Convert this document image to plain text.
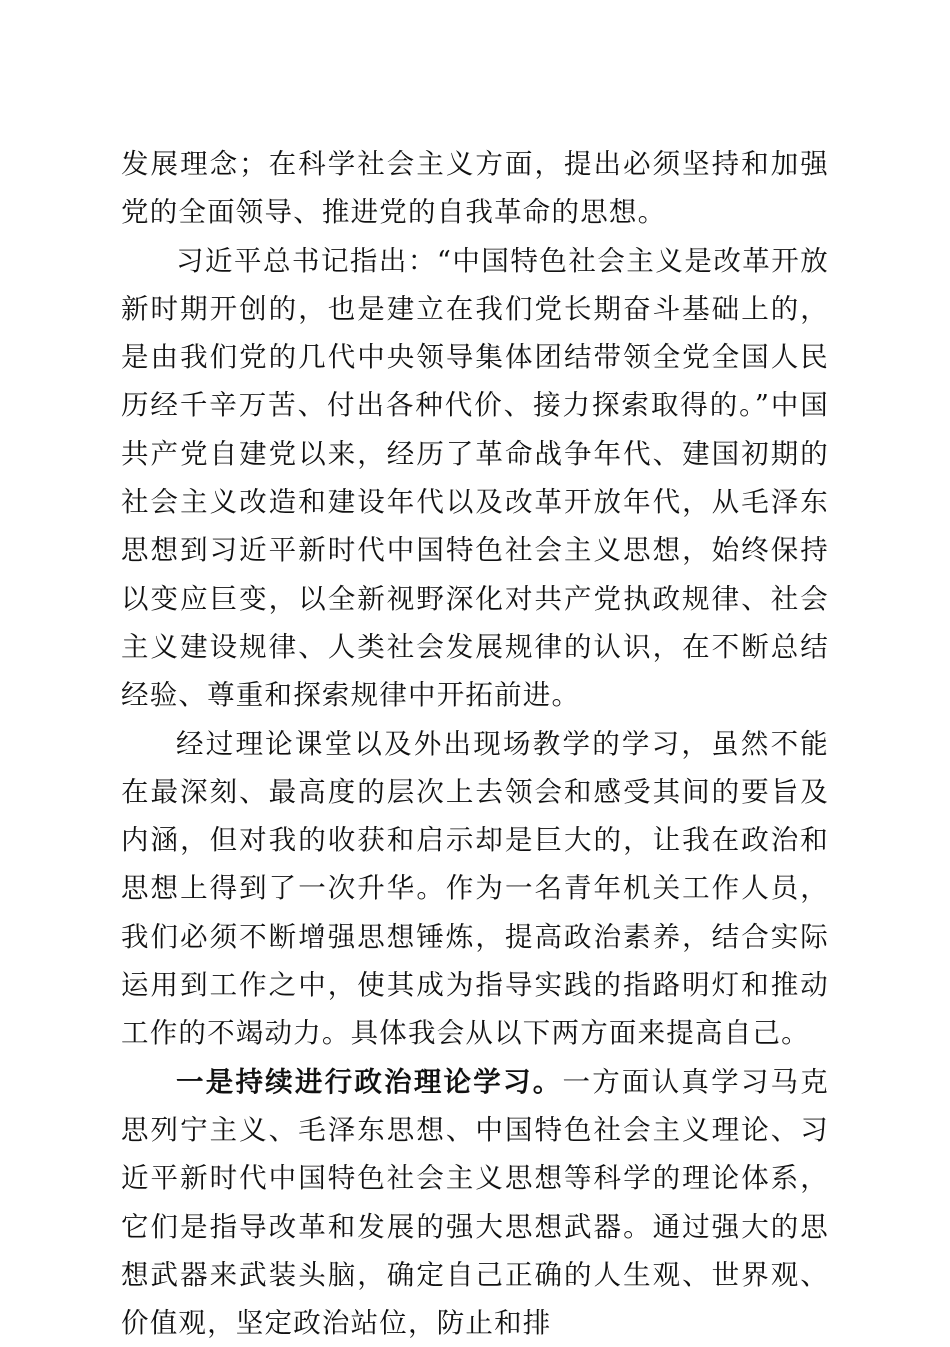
发展理念；在科学社会主义方面，提出必须坚持和加强党的全面领导、推进党的自我革命的思想。

习近平总书记指出：“中国特色社会主义是改革开放新时期开创的，也是建立在我们党长期奋斗基础上的，是由我们党的几代中央领导集体团结带领全党全国人民历经千辛万苦、付出各种代价、接力探索取得的。”中国共产党自建党以来，经历了革命战争年代、建国初期的社会主义改造和建设年代以及改革开放年代，从毛泽东思想到习近平新时代中国特色社会主义思想，始终保持以变应巨变，以全新视野深化对共产党执政规律、社会主义建设规律、人类社会发展规律的认识，在不断总结经验、尊重和探索规律中开拓前进。

经过理论课堂以及外出现场教学的学习，虽然不能在最深刻、最高度的层次上去领会和感受其间的要旨及内涵，但对我的收获和启示却是巨大的，让我在政治和思想上得到了一次升华。作为一名青年机关工作人员，我们必须不断增强思想锤炼，提高政治素养，结合实际运用到工作之中，使其成为指导实践的指路明灯和推动工作的不竭动力。具体我会从以下两方面来提高自己。

一是持续进行政治理论学习。一方面认真学习马克思列宁主义、毛泽东思想、中国特色社会主义理论、习近平新时代中国特色社会主义思想等科学的理论体系，它们是指导改革和发展的强大思想武器。通过强大的思想武器来武装头脑，确定自己正确的人生观、世界观、价值观，坚定政治站位，防止和排
